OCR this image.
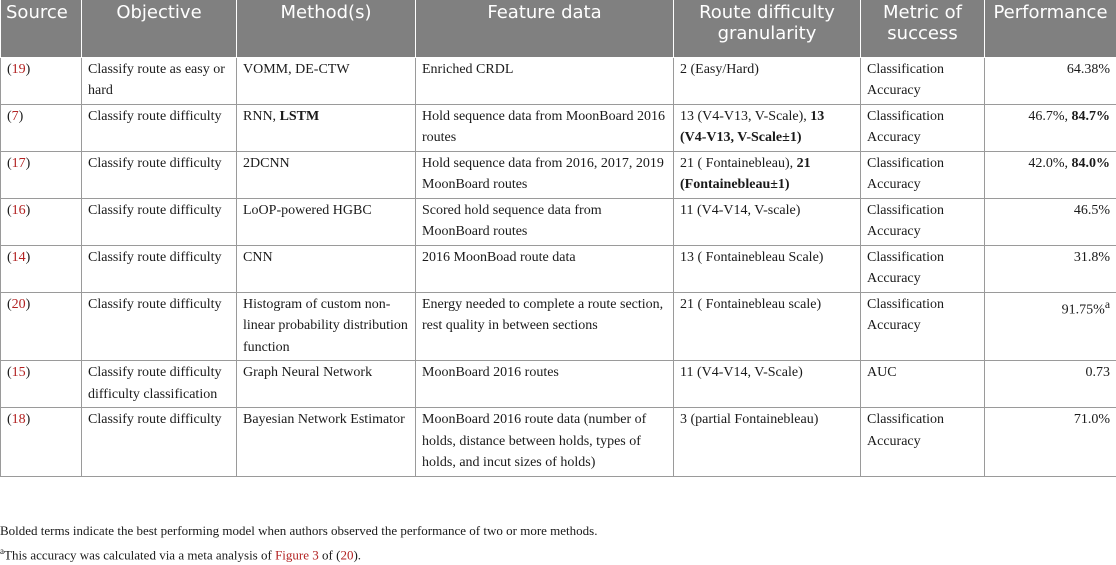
Source	Objective	Method(s)	Feature data	Route difficulty granularity	Metric of success	Performance
(19)	Classify route as easy or hard	VOMM, DE-CTW	Enriched CRDL	2 (Easy/Hard)	Classification Accuracy	64.38%
(7)	Classify route difficulty	RNN, LSTM	Hold sequence data from MoonBoard 2016 routes	13 (V4-V13, V-Scale), 13 (V4-V13, V-Scale±1)	Classification Accuracy	46.7%, 84.7%
(17)	Classify route difficulty	2DCNN	Hold sequence data from 2016, 2017, 2019 MoonBoard routes	21 ( Fontainebleau), 21 (Fontainebleau±1)	Classification Accuracy	42.0%, 84.0%
(16)	Classify route difficulty	LoOP-powered HGBC	Scored hold sequence data from MoonBoard routes	11 (V4-V14, V-scale)	Classification Accuracy	46.5%
(14)	Classify route difficulty	CNN	2016 MoonBoad route data	13 ( Fontainebleau Scale)	Classification Accuracy	31.8%
(20)	Classify route difficulty	Histogram of custom non-linear probability distribution function	Energy needed to complete a route section, rest quality in between sections	21 ( Fontainebleau scale)	Classification Accuracy	91.75%$^a$
(15)	Classify route difficulty difficulty classification	Graph Neural Network	MoonBoard 2016 routes	11 (V4-V14, V-Scale)	AUC	0.73
(18)	Classify route difficulty	Bayesian Network Estimator	MoonBoard 2016 route data (number of holds, distance between holds, types of holds, and incut sizes of holds)	3 (partial Fontainebleau)	Classification Accuracy	71.0%
Bolded terms indicate the best performing model when authors observed the performance of two or more methods.
$^a$This accuracy was calculated via a meta analysis of Figure 3 of (20).
